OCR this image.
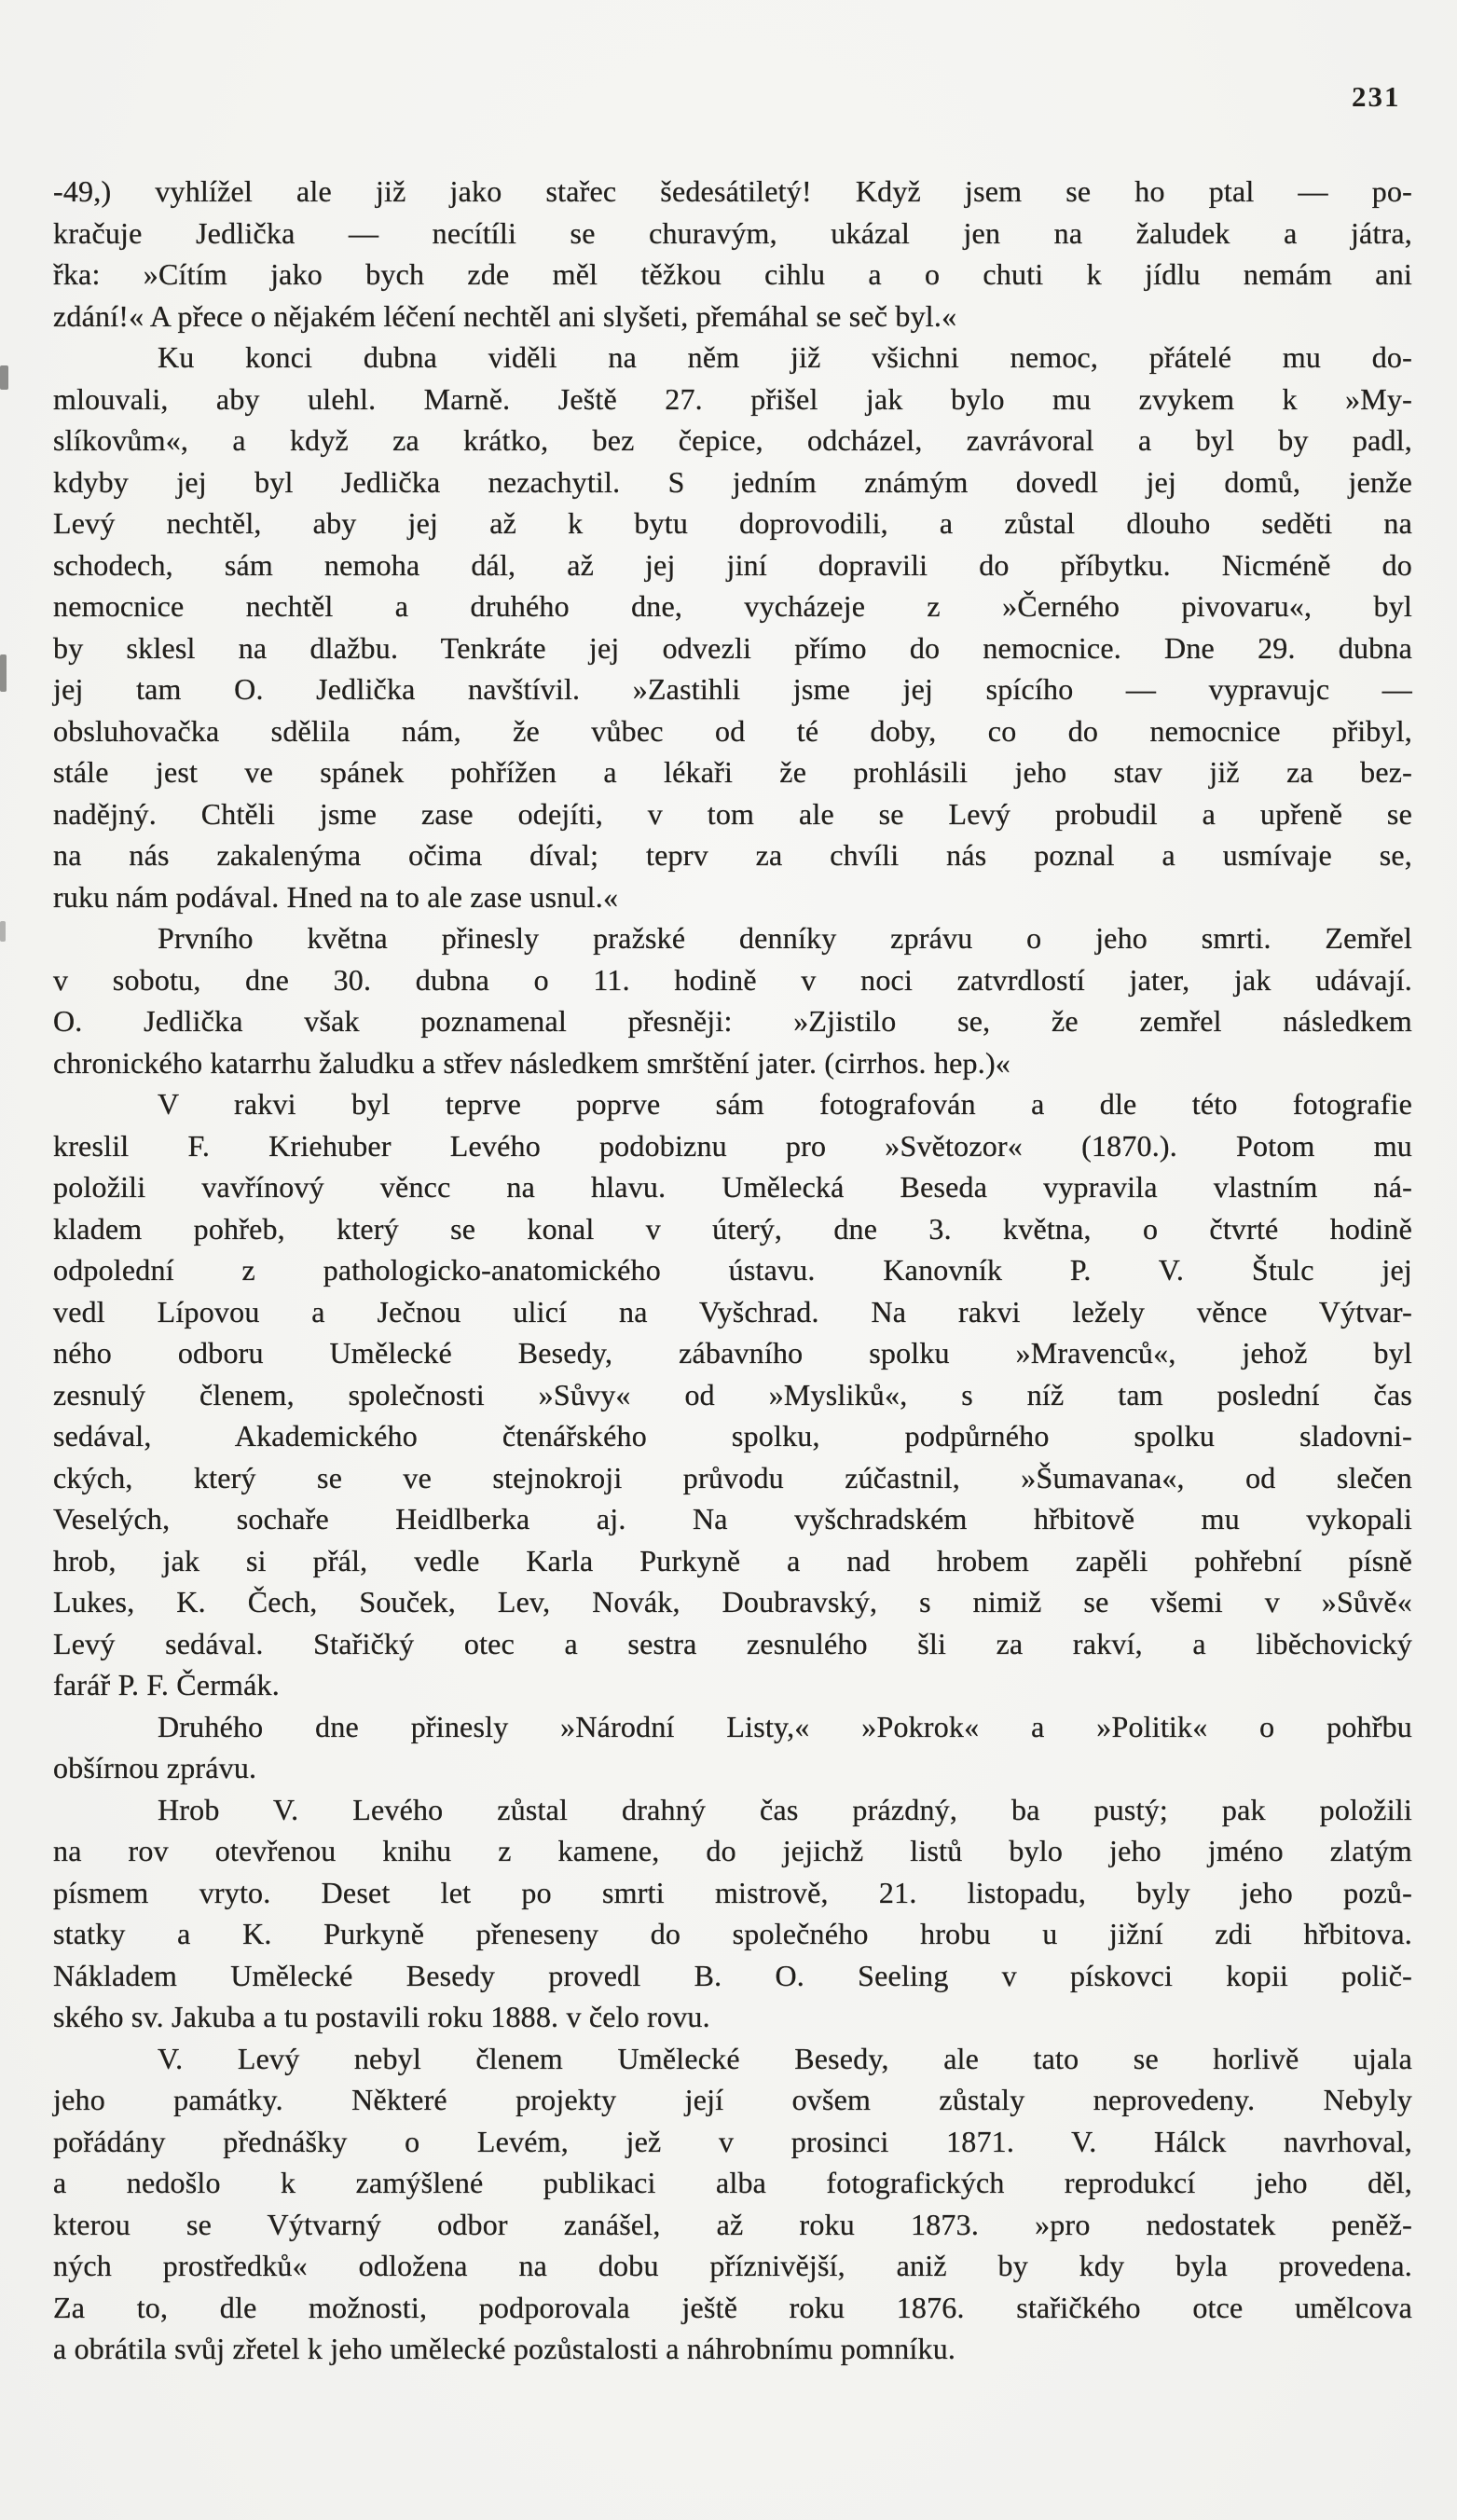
231
-49,) vyhlížel ale již jako stařec šedesátiletý! Když jsem se ho ptal — po-
kračuje Jedlička — necítíli se churavým, ukázal jen na žaludek a játra,
řka: »Cítím jako bych zde měl těžkou cihlu a o chuti k jídlu nemám ani
zdání!« A přece o nějakém léčení nechtěl ani slyšeti, přemáhal se seč byl.«
Ku konci dubna viděli na něm již všichni nemoc, přátelé mu do-
mlouvali, aby ulehl. Marně. Ještě 27. přišel jak bylo mu zvykem k »My-
slíkovům«, a když za krátko, bez čepice, odcházel, zavrávoral a byl by padl,
kdyby jej byl Jedlička nezachytil. S jedním známým dovedl jej domů, jenže
Levý nechtěl, aby jej až k bytu doprovodili, a zůstal dlouho seděti na
schodech, sám nemoha dál, až jej jiní dopravili do příbytku. Nicméně do
nemocnice nechtěl a druhého dne, vycházeje z »Černého pivovaru«, byl
by sklesl na dlažbu. Tenkráte jej odvezli přímo do nemocnice. Dne 29. dubna
jej tam O. Jedlička navštívil. »Zastihli jsme jej spícího — vypravujc —
obsluhovačka sdělila nám, že vůbec od té doby, co do nemocnice přibyl,
stále jest ve spánek pohřížen a lékaři že prohlásili jeho stav již za bez-
nadějný. Chtěli jsme zase odejíti, v tom ale se Levý probudil a upřeně se
na nás zakalenýma očima díval; teprv za chvíli nás poznal a usmívaje se,
ruku nám podával. Hned na to ale zase usnul.«
Prvního května přinesly pražské denníky zprávu o jeho smrti. Zemřel
v sobotu, dne 30. dubna o 11. hodině v noci zatvrdlostí jater, jak udávají.
O. Jedlička však poznamenal přesněji: »Zjistilo se, že zemřel následkem
chronického katarrhu žaludku a střev následkem smrštění jater. (cirrhos. hep.)«
V rakvi byl teprve poprve sám fotografován a dle této fotografie
kreslil F. Kriehuber Levého podobiznu pro »Světozor« (1870.). Potom mu
položili vavřínový věncc na hlavu. Umělecká Beseda vypravila vlastním ná-
kladem pohřeb, který se konal v úterý, dne 3. května, o čtvrté hodině
odpolední z pathologicko-anatomického ústavu. Kanovník P. V. Štulc jej
vedl Lípovou a Ječnou ulicí na Vyšchrad. Na rakvi ležely věnce Výtvar-
ného odboru Umělecké Besedy, zábavního spolku »Mravenců«, jehož byl
zesnulý členem, společnosti »Sůvy« od »Mysliků«, s níž tam poslední čas
sedával, Akademického čtenářského spolku, podpůrného spolku sladovni-
ckých, který se ve stejnokroji průvodu zúčastnil, »Šumavana«, od slečen
Veselých, sochaře Heidlberka aj. Na vyšchradském hřbitově mu vykopali
hrob, jak si přál, vedle Karla Purkyně a nad hrobem zapěli pohřební písně
Lukes, K. Čech, Souček, Lev, Novák, Doubravský, s nimiž se všemi v »Sůvě«
Levý sedával. Stařičký otec a sestra zesnulého šli za rakví, a liběchovický
farář P. F. Čermák.
Druhého dne přinesly »Národní Listy,« »Pokrok« a »Politik« o pohřbu
obšírnou zprávu.
Hrob V. Levého zůstal drahný čas prázdný, ba pustý; pak položili
na rov otevřenou knihu z kamene, do jejichž listů bylo jeho jméno zlatým
písmem vryto. Deset let po smrti mistrově, 21. listopadu, byly jeho pozů-
statky a K. Purkyně přeneseny do společného hrobu u jižní zdi hřbitova.
Nákladem Umělecké Besedy provedl B. O. Seeling v pískovci kopii polič-
ského sv. Jakuba a tu postavili roku 1888. v čelo rovu.
V. Levý nebyl členem Umělecké Besedy, ale tato se horlivě ujala
jeho památky. Některé projekty její ovšem zůstaly neprovedeny. Nebyly
pořádány přednášky o Levém, jež v prosinci 1871. V. Hálck navrhoval,
a nedošlo k zamýšlené publikaci alba fotografických reprodukcí jeho děl,
kterou se Výtvarný odbor zanášel, až roku 1873. »pro nedostatek peněž-
ných prostředků« odložena na dobu příznivější, aniž by kdy byla provedena.
Za to, dle možnosti, podporovala ještě roku 1876. stařičkého otce umělcova
a obrátila svůj zřetel k jeho umělecké pozůstalosti a náhrobnímu pomníku.
